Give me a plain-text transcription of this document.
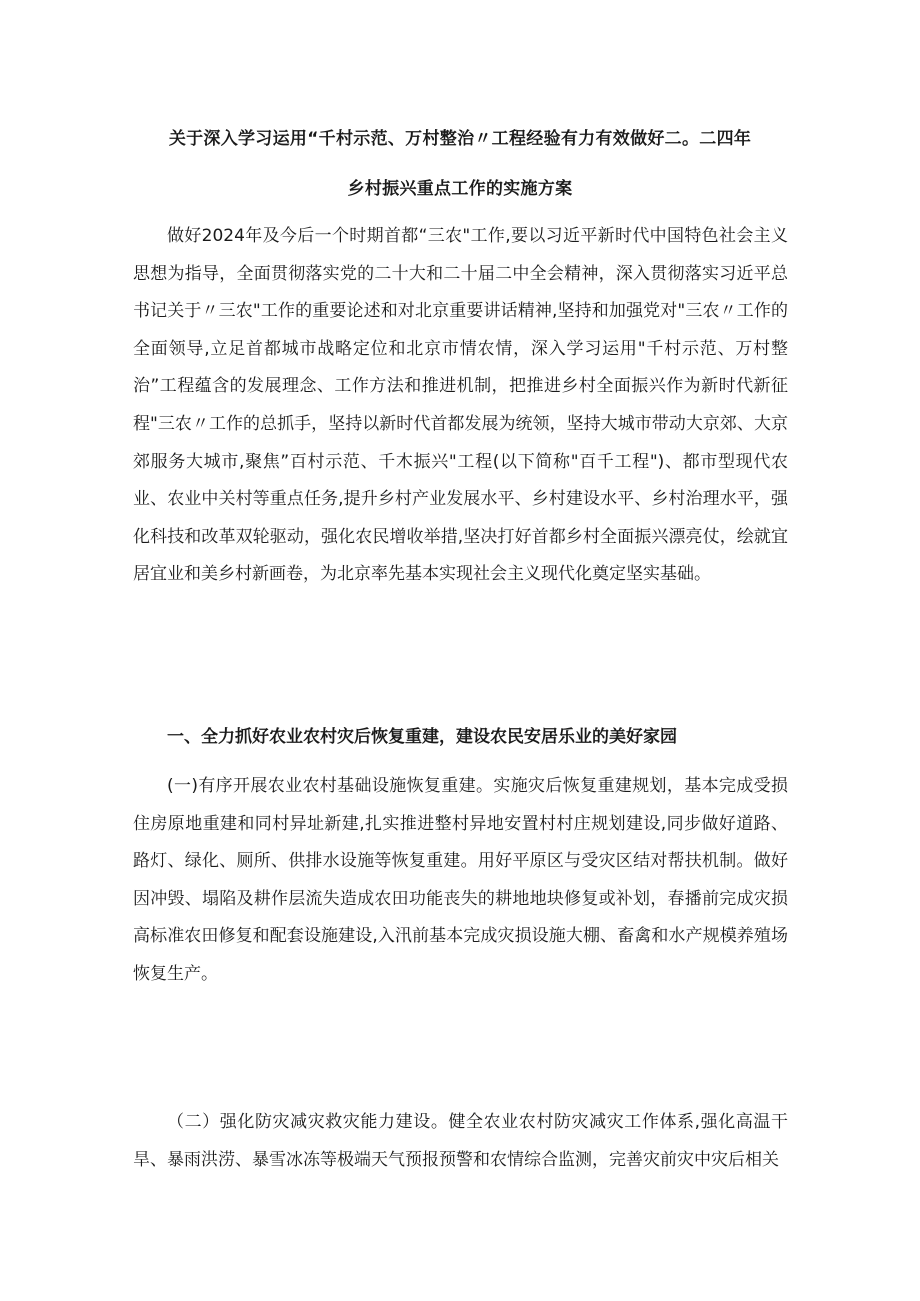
关于深入学习运用“千村示范、万村整治〃工程经验有力有效做好二。二四年
乡村振兴重点工作的实施方案

做好2024年及今后一个时期首都“三农"工作,要以习近平新时代中国特色社会主义思想为指导，全面贯彻落实党的二十大和二十届二中全会精神，深入贯彻落实习近平总书记关于〃三农"工作的重要论述和对北京重要讲话精神,坚持和加强党对"三农〃工作的全面领导,立足首都城市战略定位和北京市情农情，深入学习运用"千村示范、万村整治”工程蕴含的发展理念、工作方法和推进机制，把推进乡村全面振兴作为新时代新征程"三农〃工作的总抓手，坚持以新时代首都发展为统领，坚持大城市带动大京郊、大京郊服务大城市,聚焦”百村示范、千木振兴"工程(以下简称"百千工程")、都市型现代农业、农业中关村等重点任务,提升乡村产业发展水平、乡村建设水平、乡村治理水平，强化科技和改革双轮驱动，强化农民增收举措,坚决打好首都乡村全面振兴漂亮仗，绘就宜居宜业和美乡村新画卷，为北京率先基本实现社会主义现代化奠定坚实基础。

一、全力抓好农业农村灾后恢复重建，建设农民安居乐业的美好家园

(一)有序开展农业农村基础设施恢复重建。实施灾后恢复重建规划，基本完成受损住房原地重建和同村异址新建,扎实推进整村异地安置村村庄规划建设,同步做好道路、路灯、绿化、厕所、供排水设施等恢复重建。用好平原区与受灾区结对帮扶机制。做好因冲毁、塌陷及耕作层流失造成农田功能丧失的耕地地块修复或补划，春播前完成灾损高标准农田修复和配套设施建设,入汛前基本完成灾损设施大棚、畜禽和水产规模养殖场恢复生产。

（二）强化防灾减灾救灾能力建设。健全农业农村防灾减灾工作体系,强化高温干旱、暴雨洪涝、暴雪冰冻等极端天气预报预警和农情综合监测，完善灾前灾中灾后相关
